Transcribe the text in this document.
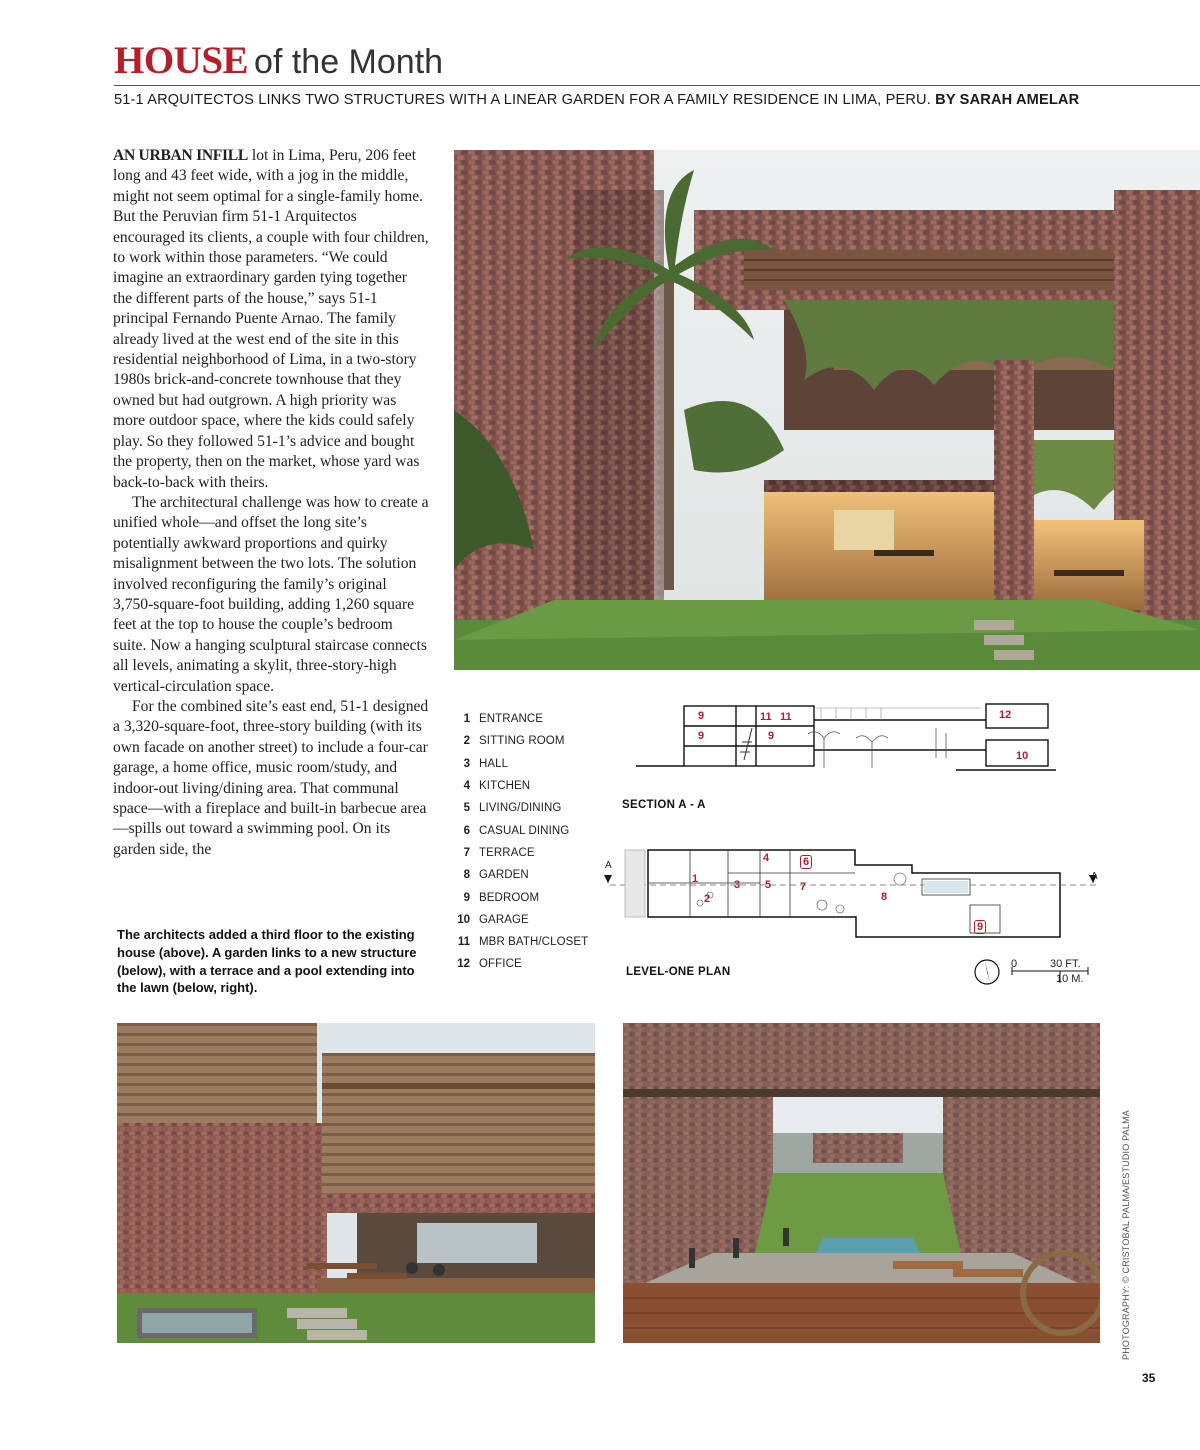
HOUSE of the Month
51-1 ARQUITECTOS LINKS TWO STRUCTURES WITH A LINEAR GARDEN FOR A FAMILY RESIDENCE IN LIMA, PERU. BY SARAH AMELAR

AN URBAN INFILL lot in Lima, Peru, 206 feet long and 43 feet wide, with a jog in the middle, might not seem optimal for a single-family home. But the Peruvian firm 51-1 Arquitectos encouraged its clients, a couple with four children, to work within those parameters. “We could imagine an extraordinary garden tying together the different parts of the house,” says 51-1 principal Fernando Puente Arnao. The family already lived at the west end of the site in this residential neighborhood of Lima, in a two-story 1980s brick-and-concrete townhouse that they owned but had outgrown. A high priority was more outdoor space, where the kids could safely play. So they followed 51-1’s advice and bought the property, then on the market, whose yard was back-to-back with theirs.

The architectural challenge was how to create a unified whole—and offset the long site’s potentially awkward proportions and quirky misalignment between the two lots. The solution involved reconfiguring the family’s original 3,750-square-foot building, adding 1,260 square feet at the top to house the couple’s bedroom suite. Now a hanging sculptural staircase connects all levels, animating a skylit, three-story-high vertical-circulation space.

For the combined site’s east end, 51-1 designed a 3,320-square-foot, three-story building (with its own facade on another street) to include a four-car garage, a home office, music room/study, and indoor-out living/dining area. That communal space—with a fireplace and built-in barbecue area—spills out toward a swimming pool. On its garden side, the

The architects added a third floor to the existing house (above). A garden links to a new structure (below), with a terrace and a pool extending into the lawn (below, right).
1 ENTRANCE
2 SITTING ROOM
3 HALL
4 KITCHEN
5 LIVING/DINING
6 CASUAL DINING
7 TERRACE
8 GARDEN
9 BEDROOM
10 GARAGE
11 MBR BATH/CLOSET
12 OFFICE
9	11 11
9	9
12
10
SECTION A - A
4	6
1	3 5	7
2	8
9
A
A
LEVEL-ONE PLAN
0	30 FT.
10 M.
PHOTOGRAPHY: © CRISTOBAL PALMA/ESTUDIO PALMA
35
